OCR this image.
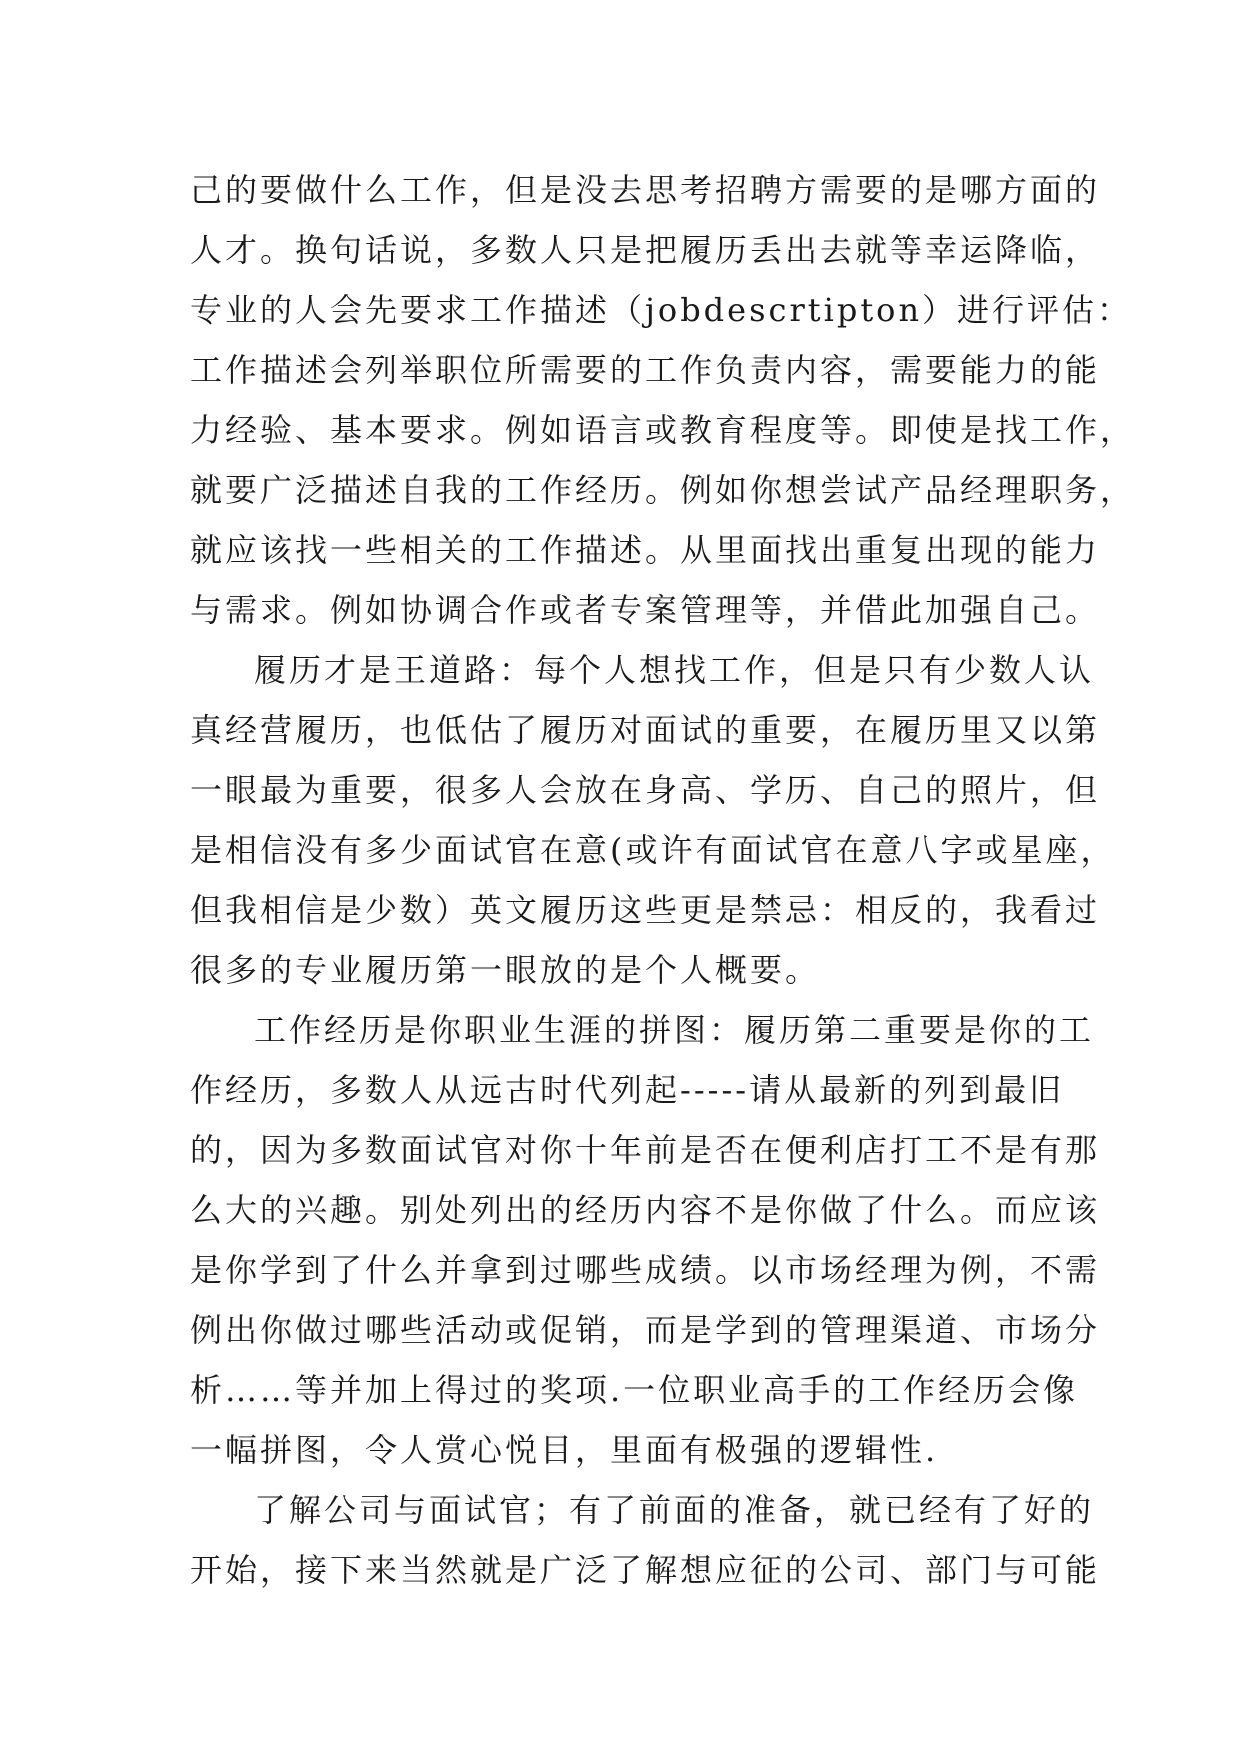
己的要做什么工作，但是没去思考招聘方需要的是哪方面的
人才。换句话说，多数人只是把履历丢出去就等幸运降临，
专业的人会先要求工作描述（jobdescrtipton）进行评估：
工作描述会列举职位所需要的工作负责内容，需要能力的能
力经验、基本要求。例如语言或教育程度等。即使是找工作，
就要广泛描述自我的工作经历。例如你想尝试产品经理职务，
就应该找一些相关的工作描述。从里面找出重复出现的能力
与需求。例如协调合作或者专案管理等，并借此加强自己。
履历才是王道路：每个人想找工作，但是只有少数人认
真经营履历，也低估了履历对面试的重要，在履历里又以第
一眼最为重要，很多人会放在身高、学历、自己的照片，但
是相信没有多少面试官在意(或许有面试官在意八字或星座，
但我相信是少数）英文履历这些更是禁忌：相反的，我看过
很多的专业履历第一眼放的是个人概要。
工作经历是你职业生涯的拼图：履历第二重要是你的工
作经历，多数人从远古时代列起-----请从最新的列到最旧
的，因为多数面试官对你十年前是否在便利店打工不是有那
么大的兴趣。别处列出的经历内容不是你做了什么。而应该
是你学到了什么并拿到过哪些成绩。以市场经理为例，不需
例出你做过哪些活动或促销，而是学到的管理渠道、市场分
析……等并加上得过的奖项.一位职业高手的工作经历会像
一幅拼图，令人赏心悦目，里面有极强的逻辑性.
了解公司与面试官；有了前面的准备，就已经有了好的
开始，接下来当然就是广泛了解想应征的公司、部门与可能
